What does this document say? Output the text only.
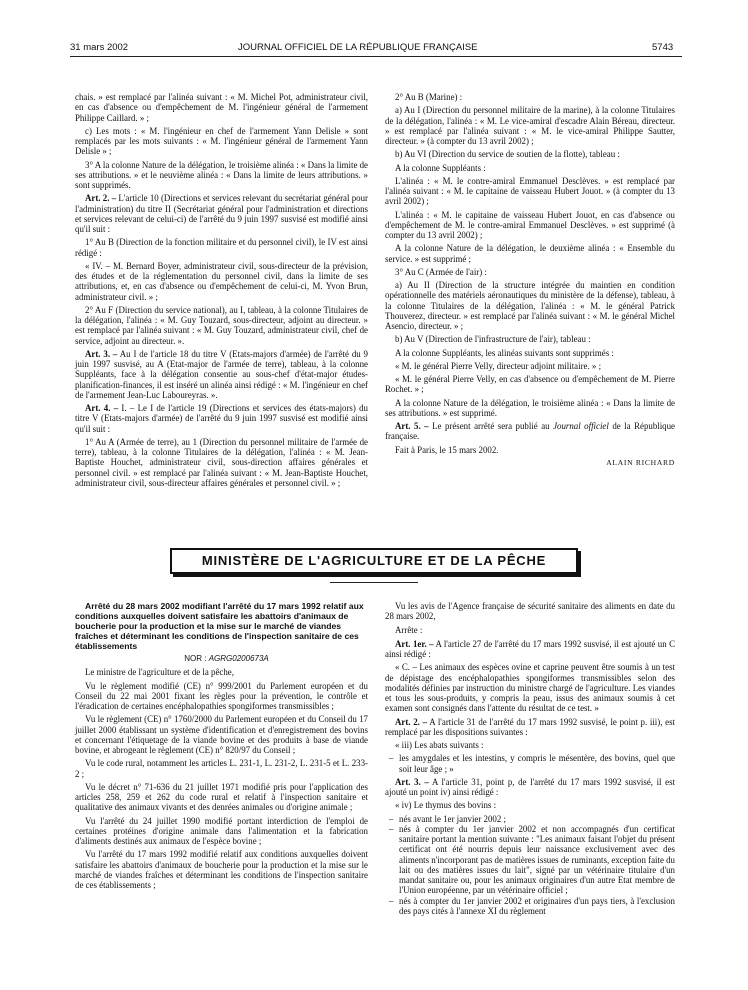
31 mars 2002	JOURNAL OFFICIEL DE LA RÉPUBLIQUE FRANÇAISE	5743

chais. » est remplacé par l'alinéa suivant : « M. Michel Pot, administrateur civil, en cas d'absence ou d'empêchement de M. l'ingénieur général de l'armement Philippe Caillard. » ;

c) Les mots : « M. l'ingénieur en chef de l'armement Yann Delisle » sont remplacés par les mots suivants : « M. l'ingénieur général de l'armement Yann Delisle » ;

3° A la colonne Nature de la délégation, le troisième alinéa : « Dans la limite de ses attributions. » et le neuvième alinéa : « Dans la limite de leurs attributions. » sont supprimés.

Art. 2. – L'article 10 (Directions et services relevant du secrétariat général pour l'administration) du titre II (Secrétariat général pour l'administration et directions et services relevant de celui-ci) de l'arrêté du 9 juin 1997 susvisé est modifié ainsi qu'il suit :

1° Au B (Direction de la fonction militaire et du personnel civil), le IV est ainsi rédigé :

« IV. – M. Bernard Boyer, administrateur civil, sous-directeur de la prévision, des études et de la réglementation du personnel civil, dans la limite de ses attributions, et, en cas d'absence ou d'empêchement de celui-ci, M. Yvon Brun, administrateur civil. » ;

2° Au F (Direction du service national), au I, tableau, à la colonne Titulaires de la délégation, l'alinéa : « M. Guy Touzard, sous-directeur, adjoint au directeur. » est remplacé par l'alinéa suivant : « M. Guy Touzard, administrateur civil, chef de service, adjoint au directeur. ».

Art. 3. – Au I de l'article 18 du titre V (Etats-majors d'armée) de l'arrêté du 9 juin 1997 susvisé, au A (Etat-major de l'armée de terre), tableau, à la colonne Suppléants, face à la délégation consentie au sous-chef d'état-major études-planification-finances, il est inséré un alinéa ainsi rédigé : « M. l'ingénieur en chef de l'armement Jean-Luc Laboureyras. ».

Art. 4. – I. – Le I de l'article 19 (Directions et services des états-majors) du titre V (Etats-majors d'armée) de l'arrêté du 9 juin 1997 susvisé est modifié ainsi qu'il suit :

1° Au A (Armée de terre), au 1 (Direction du personnel militaire de l'armée de terre), tableau, à la colonne Titulaires de la délégation, l'alinéa : « M. Jean-Baptiste Houchet, administrateur civil, sous-direction affaires générales et personnel civil. » est remplacé par l'alinéa suivant : « M. Jean-Baptiste Houchet, administrateur civil, sous-directeur affaires générales et personnel civil. » ;

2° Au B (Marine) :

a) Au I (Direction du personnel militaire de la marine), à la colonne Titulaires de la délégation, l'alinéa : « M. Le vice-amiral d'escadre Alain Béreau, directeur. » est remplacé par l'alinéa suivant : « M. le vice-amiral Philippe Sautter, directeur. » (à compter du 13 avril 2002) ;

b) Au VI (Direction du service de soutien de la flotte), tableau :

A la colonne Suppléants :

L'alinéa : « M. le contre-amiral Emmanuel Desclèves. » est remplacé par l'alinéa suivant : « M. le capitaine de vaisseau Hubert Jouot. » (à compter du 13 avril 2002) ;

L'alinéa : « M. le capitaine de vaisseau Hubert Jouot, en cas d'absence ou d'empêchement de M. le contre-amiral Emmanuel Desclèves. » est supprimé (à compter du 13 avril 2002) ;

A la colonne Nature de la délégation, le deuxième alinéa : « Ensemble du service. » est supprimé ;

3° Au C (Armée de l'air) :

a) Au II (Direction de la structure intégrée du maintien en condition opérationnelle des matériels aéronautiques du ministère de la défense), tableau, à la colonne Titulaires de la délégation, l'alinéa : « M. le général Patrick Thouverez, directeur. » est remplacé par l'alinéa suivant : « M. le général Michel Asencio, directeur. » ;

b) Au V (Direction de l'infrastructure de l'air), tableau :

A la colonne Suppléants, les alinéas suivants sont supprimés :

« M. le général Pierre Velly, directeur adjoint militaire. » ;

« M. le général Pierre Velly, en cas d'absence ou d'empêchement de M. Pierre Rochet. » ;

A la colonne Nature de la délégation, le troisième alinéa : « Dans la limite de ses attributions. » est supprimé.

Art. 5. – Le présent arrêté sera publié au Journal officiel de la République française.

Fait à Paris, le 15 mars 2002.

ALAIN RICHARD

MINISTÈRE DE L'AGRICULTURE ET DE LA PÊCHE

Arrêté du 28 mars 2002 modifiant l'arrêté du 17 mars 1992 relatif aux conditions auxquelles doivent satisfaire les abattoirs d'animaux de boucherie pour la production et la mise sur le marché de viandes fraîches et déterminant les conditions de l'inspection sanitaire de ces établissements

NOR : AGRG0200673A

Le ministre de l'agriculture et de la pêche,

Vu le règlement modifié (CE) n° 999/2001 du Parlement européen et du Conseil du 22 mai 2001 fixant les règles pour la prévention, le contrôle et l'éradication de certaines encéphalopathies spongiformes transmissibles ;

Vu le règlement (CE) n° 1760/2000 du Parlement européen et du Conseil du 17 juillet 2000 établissant un système d'identification et d'enregistrement des bovins et concernant l'étiquetage de la viande bovine et des produits à base de viande bovine, et abrogeant le règlement (CE) n° 820/97 du Conseil ;

Vu le code rural, notamment les articles L. 231-1, L. 231-2, L. 231-5 et L. 233-2 ;

Vu le décret n° 71-636 du 21 juillet 1971 modifié pris pour l'application des articles 258, 259 et 262 du code rural et relatif à l'inspection sanitaire et qualitative des animaux vivants et des denrées animales ou d'origine animale ;

Vu l'arrêté du 24 juillet 1990 modifié portant interdiction de l'emploi de certaines protéines d'origine animale dans l'alimentation et la fabrication d'aliments destinés aux animaux de l'espèce bovine ;

Vu l'arrêté du 17 mars 1992 modifié relatif aux conditions auxquelles doivent satisfaire les abattoirs d'animaux de boucherie pour la production et la mise sur le marché de viandes fraîches et déterminant les conditions de l'inspection sanitaire de ces établissements ;

Vu les avis de l'Agence française de sécurité sanitaire des aliments en date du 28 mars 2002,

Arrête :

Art. 1er. – A l'article 27 de l'arrêté du 17 mars 1992 susvisé, il est ajouté un C ainsi rédigé :

« C. – Les animaux des espèces ovine et caprine peuvent être soumis à un test de dépistage des encéphalopathies spongiformes transmissibles selon des modalités définies par instruction du ministre chargé de l'agriculture. Les viandes et tous les sous-produits, y compris la peau, issus des animaux soumis à cet examen sont consignés dans l'attente du résultat de ce test. »

Art. 2. – A l'article 31 de l'arrêté du 17 mars 1992 susvisé, le point p. iii), est remplacé par les dispositions suivantes :

« iii) Les abats suivants :

– les amygdales et les intestins, y compris le mésentère, des bovins, quel que soit leur âge ; »

Art. 3. – A l'article 31, point p, de l'arrêté du 17 mars 1992 susvisé, il est ajouté un point iv) ainsi rédigé :

« iv) Le thymus des bovins :

– nés avant le 1er janvier 2002 ;
– nés à compter du 1er janvier 2002 et non accompagnés d'un certificat sanitaire portant la mention suivante : "Les animaux faisant l'objet du présent certificat ont été nourris depuis leur naissance exclusivement avec des aliments n'incorporant pas de matières issues de ruminants, exception faite du lait ou des matières issues du lait", signé par un vétérinaire titulaire d'un mandat sanitaire ou, pour les animaux originaires d'un autre Etat membre de l'Union européenne, par un vétérinaire officiel ;
– nés à compter du 1er janvier 2002 et originaires d'un pays tiers, à l'exclusion des pays cités à l'annexe XI du règlement
